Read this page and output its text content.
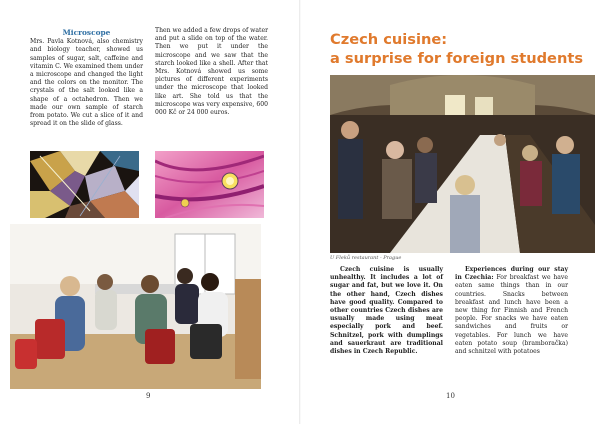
Microscope

Mrs. Pavla Kotnová, also chemistry and biology teacher, showed us samples of sugar, salt, caffeine and vitamin C. We examined them under a microscope and changed the light and the colors on the monitor. The crystals of the salt looked like a shape of a octahedron. Then we made our own sample of starch from potato. We cut a slice of it and spread it on the slide of glass.

Then we added a few drops of water and put a slide on top of the water. Then we put it under the microscope and we saw that the starch looked like a shell. After that Mrs. Kotnová showed us some pictures of different experiments under the microscope that looked like art. She told us that the microscope was very expensive, 600 000 Kč or 24 000 euros.

9
Czech cuisine:
a surprise for foreign students
U Fleků restaurant - Prague

Czech cuisine is usually unhealthy. It includes a lot of sugar and fat, but we love it. On the other hand, Czech dishes have good quality. Compared to other countries Czech dishes are usually made using meat especially pork and beef. Schnitzel, pork with dumplings and sauerkraut are traditional dishes in Czech Republic.

Experiences during our stay in Czechia: For breakfast we have eaten same things than in our countries. Snacks between breakfast and lunch have been a new thing for Finnish and French people. For snacks we have eaten sandwiches and fruits or vegetables. For lunch we have eaten potato soup (bramboračka) and schnitzel with potatoes

10
